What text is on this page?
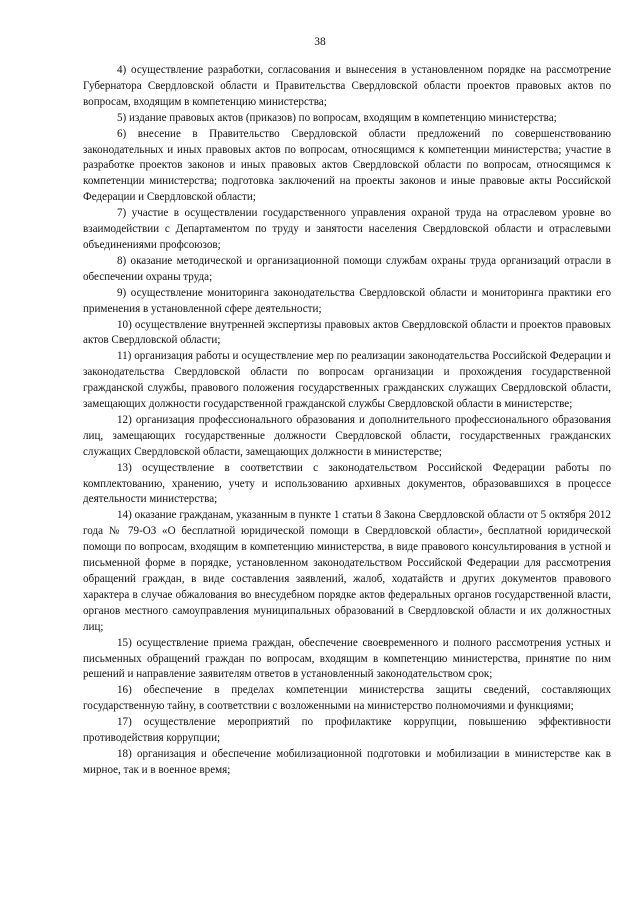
38

4) осуществление разработки, согласования и вынесения в установленном порядке на рассмотрение Губернатора Свердловской области и Правительства Свердловской области проектов правовых актов по вопросам, входящим в компетенцию министерства;

5) издание правовых актов (приказов) по вопросам, входящим в компетенцию министерства;

6) внесение в Правительство Свердловской области предложений по совершенствованию законодательных и иных правовых актов по вопросам, относящимся к компетенции министерства; участие в разработке проектов законов и иных правовых актов Свердловской области по вопросам, относящимся к компетенции министерства; подготовка заключений на проекты законов и иные правовые акты Российской Федерации и Свердловской области;

7) участие в осуществлении государственного управления охраной труда на отраслевом уровне во взаимодействии с Департаментом по труду и занятости населения Свердловской области и отраслевыми объединениями профсоюзов;

8) оказание методической и организационной помощи службам охраны труда организаций отрасли в обеспечении охраны труда;

9) осуществление мониторинга законодательства Свердловской области и мониторинга практики его применения в установленной сфере деятельности;

10) осуществление внутренней экспертизы правовых актов Свердловской области и проектов правовых актов Свердловской области;

11) организация работы и осуществление мер по реализации законодательства Российской Федерации и законодательства Свердловской области по вопросам организации и прохождения государственной гражданской службы, правового положения государственных гражданских служащих Свердловской области, замещающих должности государственной гражданской службы Свердловской области в министерстве;

12) организация профессионального образования и дополнительного профессионального образования лиц, замещающих государственные должности Свердловской области, государственных гражданских служащих Свердловской области, замещающих должности в министерстве;

13) осуществление в соответствии с законодательством Российской Федерации работы по комплектованию, хранению, учету и использованию архивных документов, образовавшихся в процессе деятельности министерства;

14) оказание гражданам, указанным в пункте 1 статьи 8 Закона Свердловской области от 5 октября 2012 года № 79-ОЗ «О бесплатной юридической помощи в Свердловской области», бесплатной юридической помощи по вопросам, входящим в компетенцию министерства, в виде правового консультирования в устной и письменной форме в порядке, установленном законодательством Российской Федерации для рассмотрения обращений граждан, в виде составления заявлений, жалоб, ходатайств и других документов правового характера в случае обжалования во внесудебном порядке актов федеральных органов государственной власти, органов местного самоуправления муниципальных образований в Свердловской области и их должностных лиц;

15) осуществление приема граждан, обеспечение своевременного и полного рассмотрения устных и письменных обращений граждан по вопросам, входящим в компетенцию министерства, принятие по ним решений и направление заявителям ответов в установленный законодательством срок;

16) обеспечение в пределах компетенции министерства защиты сведений, составляющих государственную тайну, в соответствии с возложенными на министерство полномочиями и функциями;

17) осуществление мероприятий по профилактике коррупции, повышению эффективности противодействия коррупции;

18) организация и обеспечение мобилизационной подготовки и мобилизации в министерстве как в мирное, так и в военное время;
